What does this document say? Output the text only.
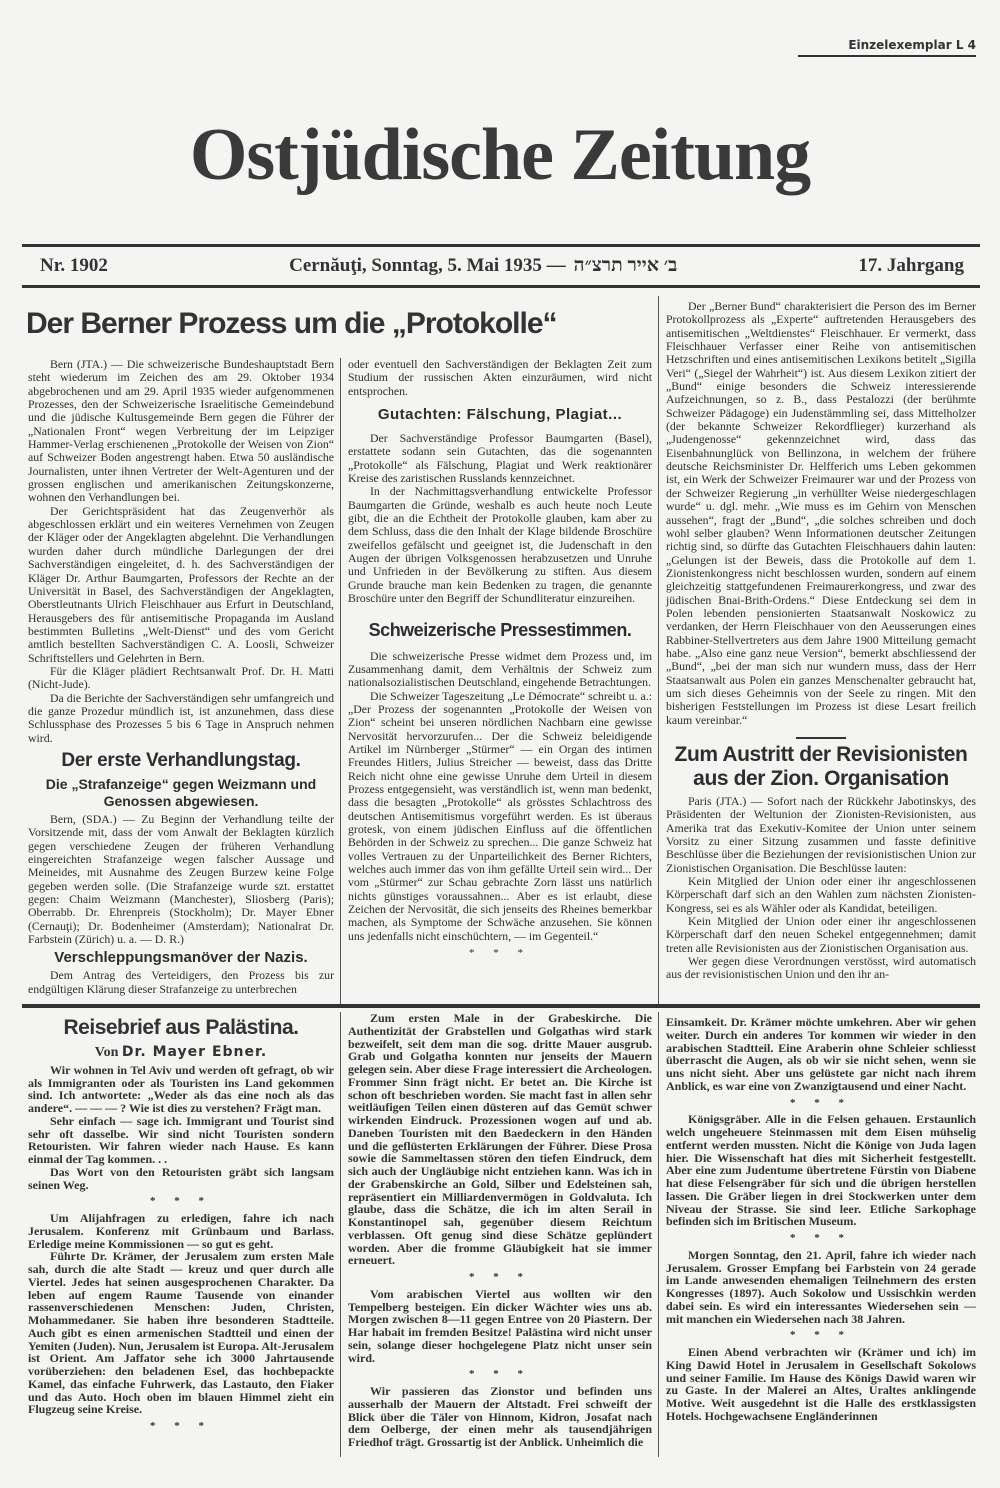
Einzelexemplar L 4
Ostjüdische Zeitung
Nr. 1902	Cernăuţi, Sonntag, 5. Mai 1935 — ב׳ אייר תרצ״ה	17. Jahrgang
Der Berner Prozess um die „Protokolle“

Bern (JTA.) — Die schweizerische Bundeshauptstadt Bern steht wiederum im Zeichen des am 29. Oktober 1934 abgebrochenen und am 29. April 1935 wieder aufgenommenen Prozesses, den der Schweizerische Israelitische Gemeindebund und die jüdische Kultusgemeinde Bern gegen die Führer der „Nationalen Front“ wegen Verbreitung der im Leipziger Hammer-Verlag erschienenen „Protokolle der Weisen von Zion“ auf Schweizer Boden angestrengt haben. Etwa 50 ausländische Journalisten, unter ihnen Vertreter der Welt-Agenturen und der grossen englischen und amerikanischen Zeitungskonzerne, wohnen den Verhandlungen bei.

Der Gerichtspräsident hat das Zeugenverhör als abgeschlossen erklärt und ein weiteres Vernehmen von Zeugen der Kläger oder der Angeklagten abgelehnt. Die Verhandlungen wurden daher durch mündliche Darlegungen der drei Sachverständigen eingeleitet, d. h. des Sachverständigen der Kläger Dr. Arthur Baumgarten, Professors der Rechte an der Universität in Basel, des Sachverständigen der Angeklagten, Oberstleutnants Ulrich Fleischhauer aus Erfurt in Deutschland, Herausgebers des für antisemitische Propaganda im Ausland bestimmten Bulletins „Welt-Dienst“ und des vom Gericht amtlich bestellten Sachverständigen C. A. Loosli, Schweizer Schriftstellers und Gelehrten in Bern.

Für die Kläger plädiert Rechtsanwalt Prof. Dr. H. Matti (Nicht-Jude).

Da die Berichte der Sachverständigen sehr umfangreich und die ganze Prozedur mündlich ist, ist anzunehmen, dass diese Schlussphase des Prozesses 5 bis 6 Tage in Anspruch nehmen wird.

Der erste Verhandlungstag.
Die „Strafanzeige“ gegen Weizmann und Genossen abgewiesen.

Bern, (SDA.) — Zu Beginn der Verhandlung teilte der Vorsitzende mit, dass der vom Anwalt der Beklagten kürzlich gegen verschiedene Zeugen der früheren Verhandlung eingereichten Strafanzeige wegen falscher Aussage und Meineides, mit Ausnahme des Zeugen Burzew keine Folge gegeben werden solle. (Die Strafanzeige wurde szt. erstattet gegen: Chaim Weizmann (Manchester), Sliosberg (Paris); Oberrabb. Dr. Ehrenpreis (Stockholm); Dr. Mayer Ebner (Cernauţi); Dr. Bodenheimer (Amsterdam); Nationalrat Dr. Farbstein (Zürich) u. a. — D. R.)

Verschleppungsmanöver der Nazis.

Dem Antrag des Verteidigers, den Prozess bis zur endgültigen Klärung dieser Strafanzeige zu unterbrechen

oder eventuell den Sachverständigen der Beklagten Zeit zum Studium der russischen Akten einzuräumen, wird nicht entsprochen.

Gutachten: Fälschung, Plagiat...

Der Sachverständige Professor Baumgarten (Basel), erstattete sodann sein Gutachten, das die sogenannten „Protokolle“ als Fälschung, Plagiat und Werk reaktionärer Kreise des zaristischen Russlands kennzeichnet.

In der Nachmittagsverhandlung entwickelte Professor Baumgarten die Gründe, weshalb es auch heute noch Leute gibt, die an die Echtheit der Protokolle glauben, kam aber zu dem Schluss, dass die den Inhalt der Klage bildende Broschüre zweifellos gefälscht und geeignet ist, die Judenschaft in den Augen der übrigen Volksgenossen herabzusetzen und Unruhe und Unfrieden in der Bevölkerung zu stiften. Aus diesem Grunde brauche man kein Bedenken zu tragen, die genannte Broschüre unter den Begriff der Schundliteratur einzureihen.

Schweizerische Pressestimmen.

Die schweizerische Presse widmet dem Prozess und, im Zusammenhang damit, dem Verhältnis der Schweiz zum nationalsozialistischen Deutschland, eingehende Betrachtungen.

Die Schweizer Tageszeitung „Le Démocrate“ schreibt u. a.: „Der Prozess der sogenannten „Protokolle der Weisen von Zion“ scheint bei unseren nördlichen Nachbarn eine gewisse Nervosität hervorzurufen... Der die Schweiz beleidigende Artikel im Nürnberger „Stürmer“ — ein Organ des intimen Freundes Hitlers, Julius Streicher — beweist, dass das Dritte Reich nicht ohne eine gewisse Unruhe dem Urteil in diesem Prozess entgegensieht, was verständlich ist, wenn man bedenkt, dass die besagten „Protokolle“ als grösstes Schlachtross des deutschen Antisemitismus vorgeführt werden. Es ist überaus grotesk, von einem jüdischen Einfluss auf die öffentlichen Behörden in der Schweiz zu sprechen... Die ganze Schweiz hat volles Vertrauen zu der Unparteilichkeit des Berner Richters, welches auch immer das von ihm gefällte Urteil sein wird... Der vom „Stürmer“ zur Schau gebrachte Zorn lässt uns natürlich nichts günstiges voraussahnen... Aber es ist erlaubt, diese Zeichen der Nervosität, die sich jenseits des Rheines bemerkbar machen, als Symptome der Schwäche anzusehen. Sie können uns jedenfalls nicht einschüchtern, — im Gegenteil.“

* * *

Der „Berner Bund“ charakterisiert die Person des im Berner Protokollprozess als „Experte“ auftretenden Herausgebers des antisemitischen „Weltdienstes“ Fleischhauer. Er vermerkt, dass Fleischhauer Verfasser einer Reihe von antisemitischen Hetzschriften und eines antisemitischen Lexikons betitelt „Sigilla Veri“ („Siegel der Wahrheit“) ist. Aus diesem Lexikon zitiert der „Bund“ einige besonders die Schweiz interessierende Aufzeichnungen, so z. B., dass Pestalozzi (der berühmte Schweizer Pädagoge) ein Judenstämmling sei, dass Mittelholzer (der bekannte Schweizer Rekordflieger) kurzerhand als „Judengenosse“ gekennzeichnet wird, dass das Eisenbahnunglück von Bellinzona, in welchem der frühere deutsche Reichsminister Dr. Helfferich ums Leben gekommen ist, ein Werk der Schweizer Freimaurer war und der Prozess von der Schweizer Regierung „in verhüllter Weise niedergeschlagen wurde“ u. dgl. mehr. „Wie muss es im Gehirn von Menschen aussehen“, fragt der „Bund“, „die solches schreiben und doch wohl selber glauben? Wenn Informationen deutscher Zeitungen richtig sind, so dürfte das Gutachten Fleischhauers dahin lauten: „Gelungen ist der Beweis, dass die Protokolle auf dem 1. Zionistenkongress nicht beschlossen wurden, sondern auf einem gleichzeitig stattgefundenen Freimaurerkongress, und zwar des jüdischen Bnai-Brith-Ordens.“ Diese Entdeckung sei dem in Polen lebenden pensionierten Staatsanwalt Noskowicz zu verdanken, der Herrn Fleischhauer von den Aeusserungen eines Rabbiner-Stellvertreters aus dem Jahre 1900 Mitteilung gemacht habe. „Also eine ganz neue Version“, bemerkt abschliessend der „Bund“, „bei der man sich nur wundern muss, dass der Herr Staatsanwalt aus Polen ein ganzes Menschenalter gebraucht hat, um sich dieses Geheimnis von der Seele zu ringen. Mit den bisherigen Feststellungen im Prozess ist diese Lesart freilich kaum vereinbar.“

Zum Austritt der Revisionisten aus der Zion. Organisation

Paris (JTA.) — Sofort nach der Rückkehr Jabotinskys, des Präsidenten der Weltunion der Zionisten-Revisionisten, aus Amerika trat das Exekutiv-Komitee der Union unter seinem Vorsitz zu einer Sitzung zusammen und fasste definitive Beschlüsse über die Beziehungen der revisionistischen Union zur Zionistischen Organisation. Die Beschlüsse lauten:

Kein Mitglied der Union oder einer ihr angeschlossenen Körperschaft darf sich an den Wahlen zum nächsten Zionisten-Kongress, sei es als Wähler oder als Kandidat, beteiligen.

Kein Mitglied der Union oder einer ihr angeschlossenen Körperschaft darf den neuen Schekel entgegennehmen; damit treten alle Revisionisten aus der Zionistischen Organisation aus.

Wer gegen diese Verordnungen verstösst, wird automatisch aus der revisionistischen Union und den ihr an-

Reisebrief aus Palästina.
Von Dr. Mayer Ebner.

Wir wohnen in Tel Aviv und werden oft gefragt, ob wir als Immigranten oder als Touristen ins Land gekommen sind. Ich antwortete: „Weder als das eine noch als das andere“. — — — ? Wie ist dies zu verstehen? Frägt man.

Sehr einfach — sage ich. Immigrant und Tourist sind sehr oft dasselbe. Wir sind nicht Touristen sondern Retouristen. Wir fahren wieder nach Hause. Es kann einmal der Tag kommen. . .

Das Wort von den Retouristen gräbt sich langsam seinen Weg.

* * *

Um Alijahfragen zu erledigen, fahre ich nach Jerusalem. Konferenz mit Grünbaum und Barlass. Erledige meine Kommissionen — so gut es geht.

Führte Dr. Krämer, der Jerusalem zum ersten Male sah, durch die alte Stadt — kreuz und quer durch alle Viertel. Jedes hat seinen ausgesprochenen Charakter. Da leben auf engem Raume Tausende von einander rassenverschiedenen Menschen: Juden, Christen, Mohammedaner. Sie haben ihre besonderen Stadtteile. Auch gibt es einen armenischen Stadtteil und einen der Yemiten (Juden). Nun, Jerusalem ist Europa. Alt-Jerusalem ist Orient. Am Jaffator sehe ich 3000 Jahrtausende vorüberziehen: den beladenen Esel, das hochbepackte Kamel, das einfache Fuhrwerk, das Lastauto, den Fiaker und das Auto. Hoch oben im blauen Himmel zieht ein Flugzeug seine Kreise.

* * *

Zum ersten Male in der Grabeskirche. Die Authentizität der Grabstellen und Golgathas wird stark bezweifelt, seit dem man die sog. dritte Mauer ausgrub. Grab und Golgatha konnten nur jenseits der Mauern gelegen sein. Aber diese Frage interessiert die Archeologen. Frommer Sinn frägt nicht. Er betet an. Die Kirche ist schon oft beschrieben worden. Sie macht fast in allen sehr weitläufigen Teilen einen düsteren auf das Gemüt schwer wirkenden Eindruck. Prozessionen wogen auf und ab. Daneben Touristen mit den Baedeckern in den Händen und die geflüsterten Erklärungen der Führer. Diese Prosa sowie die Sammeltassen stören den tiefen Eindruck, dem sich auch der Ungläubige nicht entziehen kann. Was ich in der Grabenskirche an Gold, Silber und Edelsteinen sah, repräsentiert ein Milliardenvermögen in Goldvaluta. Ich glaube, dass die Schätze, die ich im alten Serail in Konstantinopel sah, gegenüber diesem Reichtum verblassen. Oft genug sind diese Schätze geplündert worden. Aber die fromme Gläubigkeit hat sie immer erneuert.

* * *

Vom arabischen Viertel aus wollten wir den Tempelberg besteigen. Ein dicker Wächter wies uns ab. Morgen zwischen 8—11 gegen Entree von 20 Piastern. Der Har habait im fremden Besitze! Palästina wird nicht unser sein, solange dieser hochgelegene Platz nicht unser sein wird.

* * *

Wir passieren das Zionstor und befinden uns ausserhalb der Mauern der Altstadt. Frei schweift der Blick über die Täler von Hinnom, Kidron, Josafat nach dem Oelberge, der einen mehr als tausendjährigen Friedhof trägt. Grossartig ist der Anblick. Unheimlich die

Einsamkeit. Dr. Krämer möchte umkehren. Aber wir gehen weiter. Durch ein anderes Tor kommen wir wieder in den arabischen Stadtteil. Eine Araberin ohne Schleier schliesst überrascht die Augen, als ob wir sie nicht sehen, wenn sie uns nicht sieht. Aber uns gelüstete gar nicht nach ihrem Anblick, es war eine von Zwanzigtausend und einer Nacht.

* * *

Königsgräber. Alle in die Felsen gehauen. Erstaunlich welch ungeheuere Steinmassen mit dem Eisen mühselig entfernt werden mussten. Nicht die Könige von Juda lagen hier. Die Wissenschaft hat dies mit Sicherheit festgestellt. Aber eine zum Judentume übertretene Fürstin von Diabene hat diese Felsengräber für sich und die übrigen herstellen lassen. Die Gräber liegen in drei Stockwerken unter dem Niveau der Strasse. Sie sind leer. Etliche Sarkophage befinden sich im Britischen Museum.

* * *

Morgen Sonntag, den 21. April, fahre ich wieder nach Jerusalem. Grosser Empfang bei Farbstein von 24 gerade im Lande anwesenden ehemaligen Teilnehmern des ersten Kongresses (1897). Auch Sokolow und Ussischkin werden dabei sein. Es wird ein interessantes Wiedersehen sein — mit manchen ein Wiedersehen nach 38 Jahren.

* * *

Einen Abend verbrachten wir (Krämer und ich) im King Dawid Hotel in Jerusalem in Gesellschaft Sokolows und seiner Familie. Im Hause des Königs Dawid waren wir zu Gaste. In der Malerei an Altes, Uraltes anklingende Motive. Weit ausgedehnt ist die Halle des erstklassigsten Hotels. Hochgewachsene Engländerinnen
